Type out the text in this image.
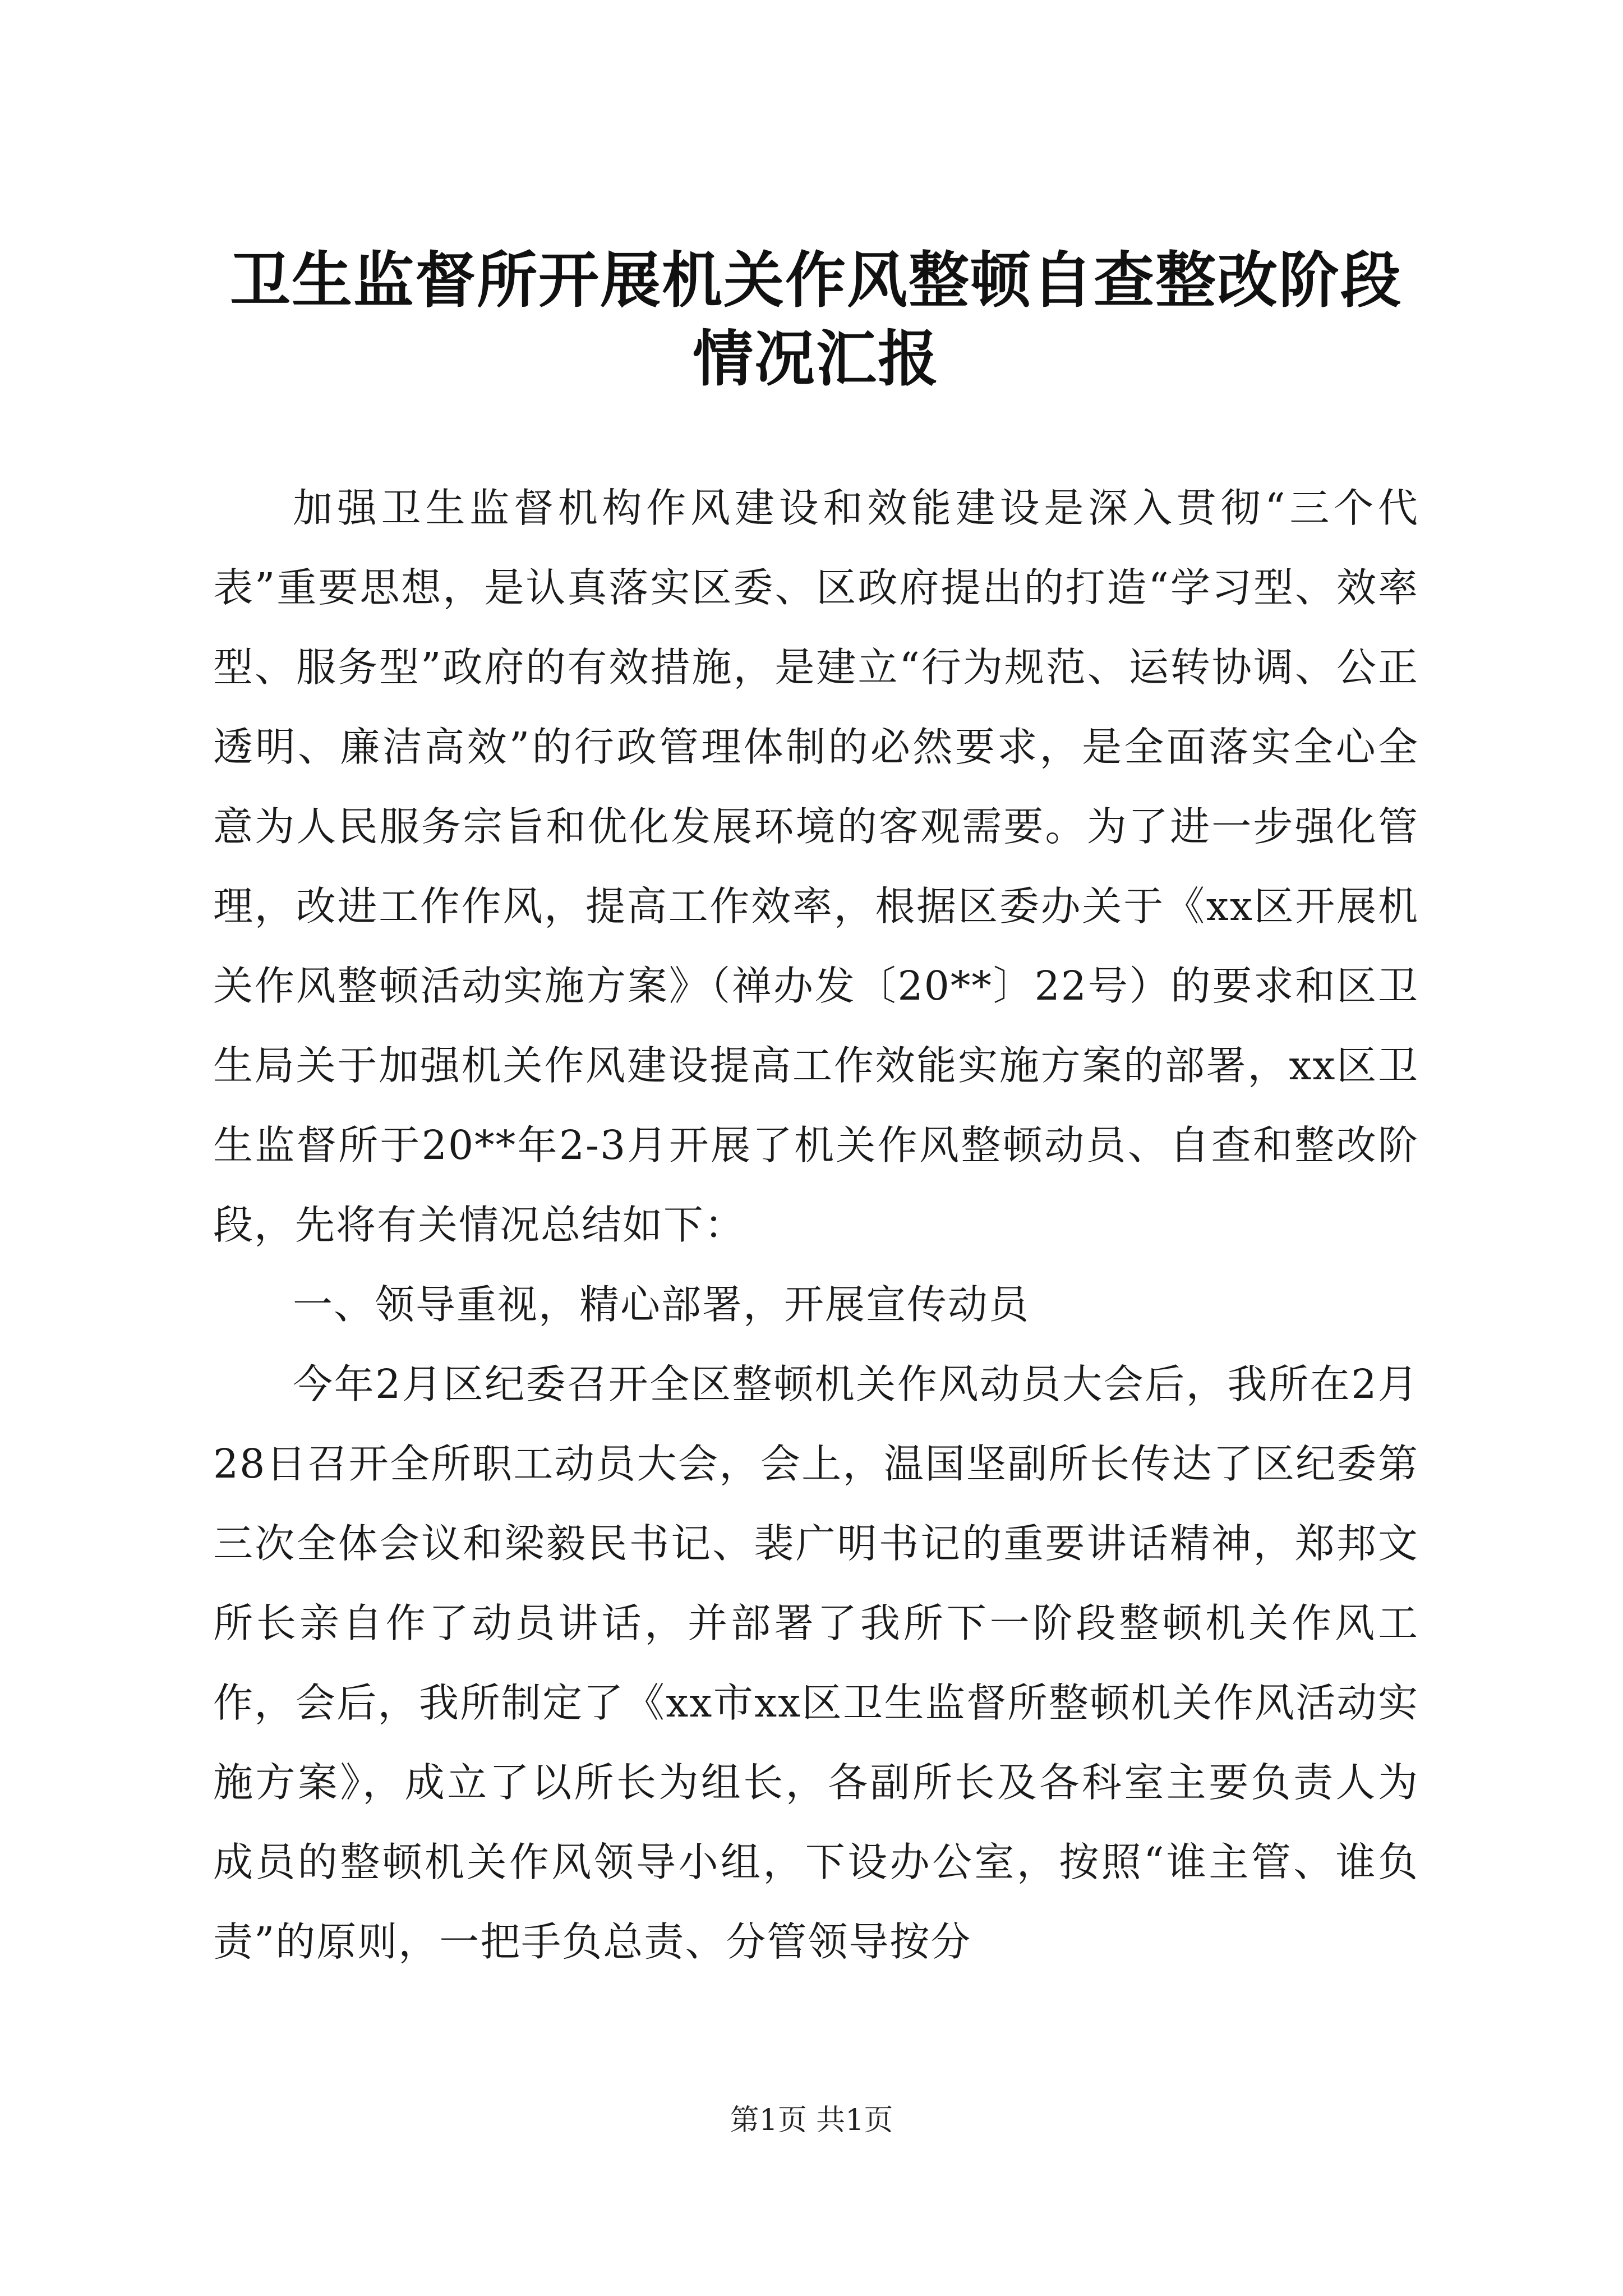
卫生监督所开展机关作风整顿自查整改阶段情况汇报

加强卫生监督机构作风建设和效能建设是深入贯彻“三个代表”重要思想，是认真落实区委、区政府提出的打造“学习型、效率型、服务型”政府的有效措施，是建立“行为规范、运转协调、公正透明、廉洁高效”的行政管理体制的必然要求，是全面落实全心全意为人民服务宗旨和优化发展环境的客观需要。为了进一步强化管理，改进工作作风，提高工作效率，根据区委办关于《xx区开展机关作风整顿活动实施方案》（禅办发〔20**〕22号）的要求和区卫生局关于加强机关作风建设提高工作效能实施方案的部署，xx区卫生监督所于20**年2-3月开展了机关作风整顿动员、自查和整改阶段，先将有关情况总结如下：

一、领导重视，精心部署，开展宣传动员

今年2月区纪委召开全区整顿机关作风动员大会后，我所在2月28日召开全所职工动员大会，会上，温国坚副所长传达了区纪委第三次全体会议和梁毅民书记、裴广明书记的重要讲话精神，郑邦文所长亲自作了动员讲话，并部署了我所下一阶段整顿机关作风工作，会后，我所制定了《xx市xx区卫生监督所整顿机关作风活动实施方案》，成立了以所长为组长，各副所长及各科室主要负责人为成员的整顿机关作风领导小组，下设办公室，按照“谁主管、谁负责”的原则，一把手负总责、分管领导按分

第1页 共1页
